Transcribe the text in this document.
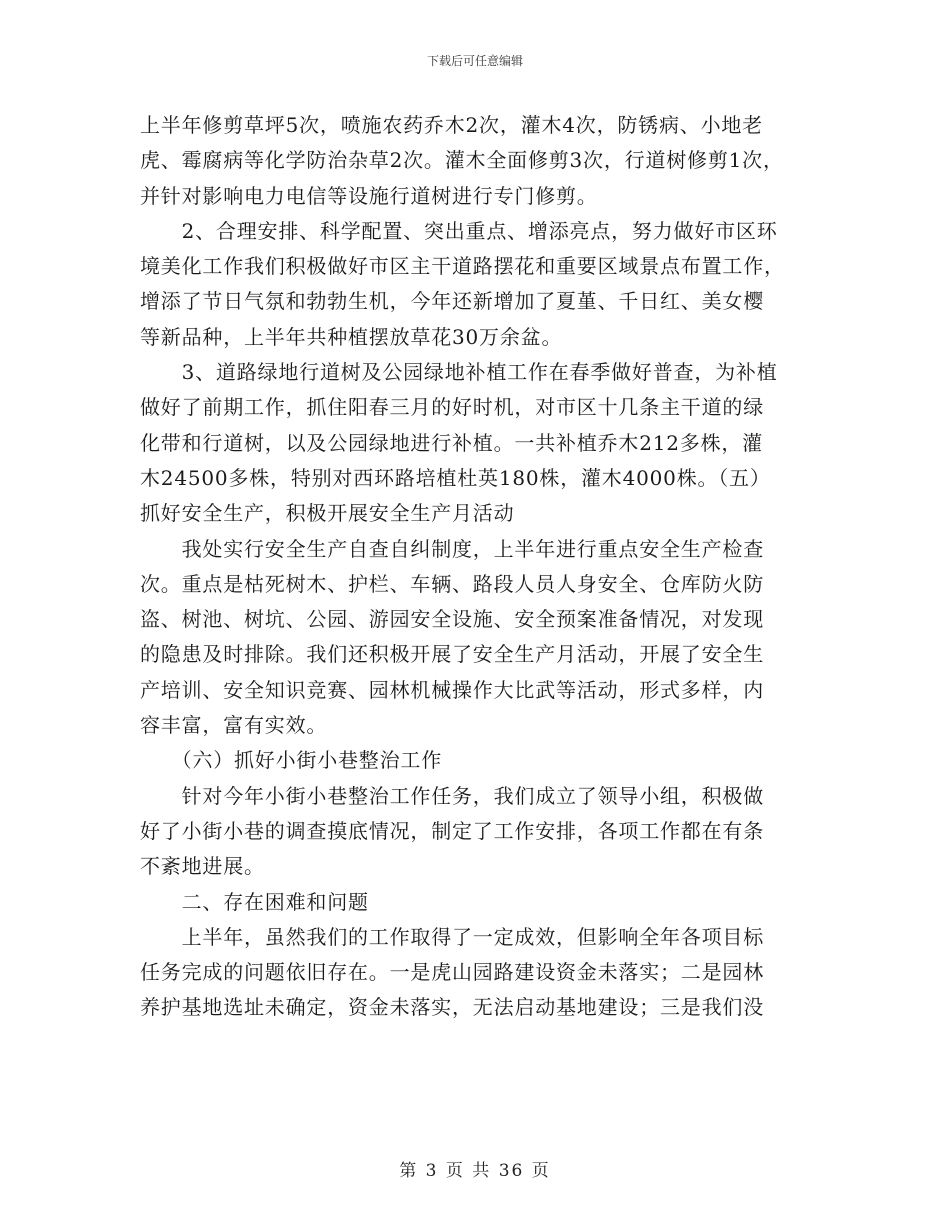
下载后可任意编辑

上半年修剪草坪5次，喷施农药乔木2次，灌木4次，防锈病、小地老
虎、霉腐病等化学防治杂草2次。灌木全面修剪3次，行道树修剪1次，
并针对影响电力电信等设施行道树进行专门修剪。
　　2、合理安排、科学配置、突出重点、增添亮点，努力做好市区环
境美化工作我们积极做好市区主干道路摆花和重要区域景点布置工作，
增添了节日气氛和勃勃生机，今年还新增加了夏堇、千日红、美女樱
等新品种，上半年共种植摆放草花30万余盆。
　　3、道路绿地行道树及公园绿地补植工作在春季做好普查，为补植
做好了前期工作，抓住阳春三月的好时机，对市区十几条主干道的绿
化带和行道树，以及公园绿地进行补植。一共补植乔木212多株，灌
木24500多株，特别对西环路培植杜英180株，灌木4000株。（五）
抓好安全生产，积极开展安全生产月活动
　　我处实行安全生产自查自纠制度，上半年进行重点安全生产检查
次。重点是枯死树木、护栏、车辆、路段人员人身安全、仓库防火防
盗、树池、树坑、公园、游园安全设施、安全预案准备情况，对发现
的隐患及时排除。我们还积极开展了安全生产月活动，开展了安全生
产培训、安全知识竞赛、园林机械操作大比武等活动，形式多样，内
容丰富，富有实效。
　　（六）抓好小街小巷整治工作
　　针对今年小街小巷整治工作任务，我们成立了领导小组，积极做
好了小街小巷的调查摸底情况，制定了工作安排，各项工作都在有条
不紊地进展。
　　二、存在困难和问题
　　上半年，虽然我们的工作取得了一定成效，但影响全年各项目标
任务完成的问题依旧存在。一是虎山园路建设资金未落实；二是园林
养护基地选址未确定，资金未落实，无法启动基地建设；三是我们没

第 3 页 共 36 页
